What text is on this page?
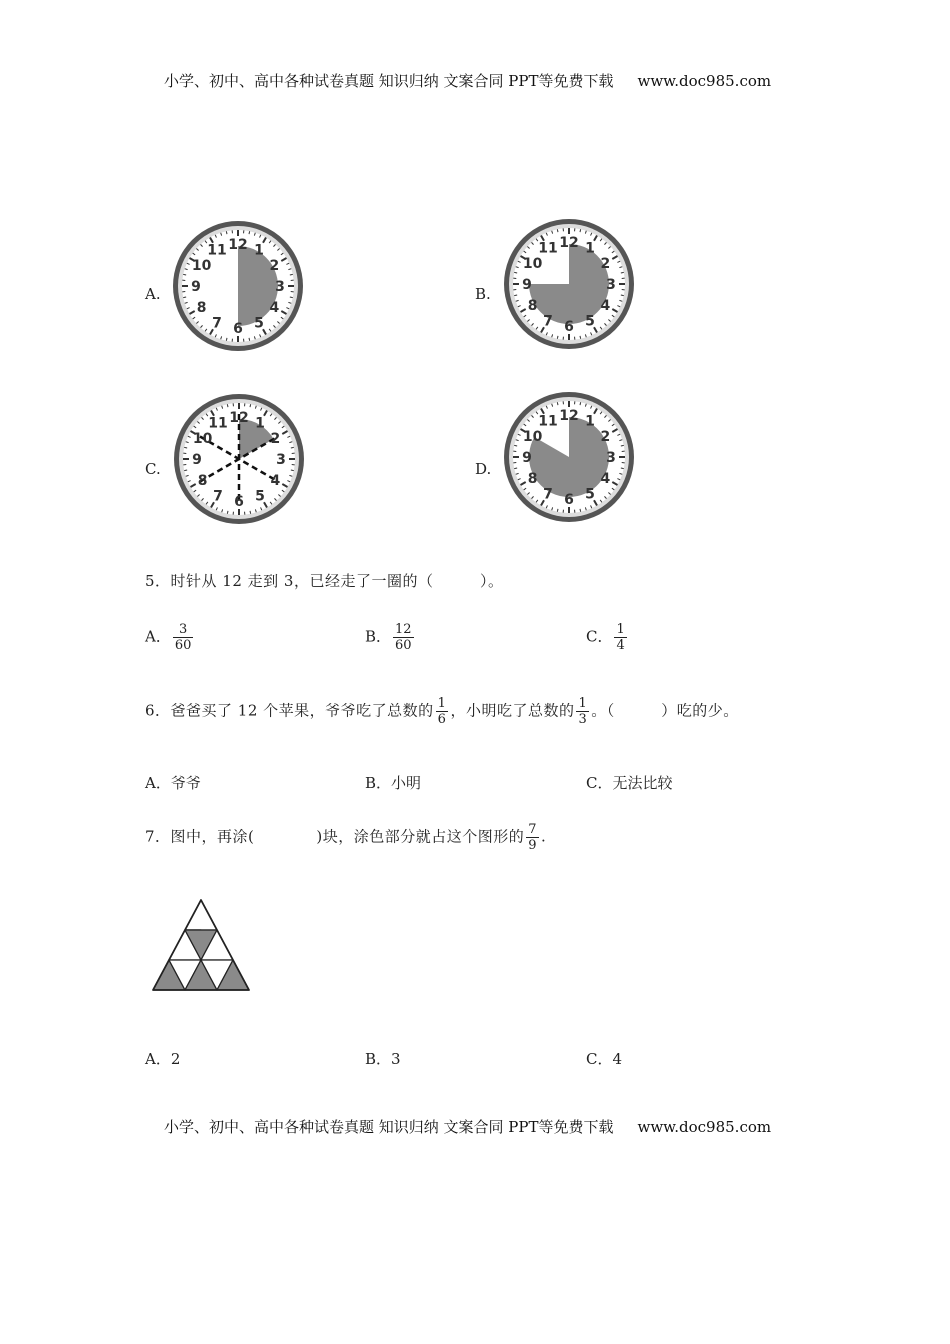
小学、初中、高中各种试卷真题 知识归纳 文案合同 PPT等免费下载 www.doc985.com
A.
12 1
2
3
4
5
6
7
8
9
10
11
B.
12 1
2
3
4
5
6
7
8
9
10
11
C.
12 1
2
3
4
5
6
7
8
9
10
11
D.
12 1
2
3
4
5
6
7
8
9
10
11
5．时针从 12 走到 3，已经走了一圈的（　　　）。
A． $\frac{3}{60}$	B． $\frac{12}{60}$	C． $\frac{1}{4}$
6．爸爸买了 12 个苹果，爷爷吃了总数的 $\frac{1}{6}$ ，小明吃了总数的 $\frac{1}{3}$ 。（　　　）吃的少。
A．爷爷	B．小明	C．无法比较
7．图中，再涂(　　　　)块，涂色部分就占这个图形的 $\frac{7}{9}$ .
A．2	B．3	C．4
小学、初中、高中各种试卷真题 知识归纳 文案合同 PPT等免费下载 www.doc985.com
